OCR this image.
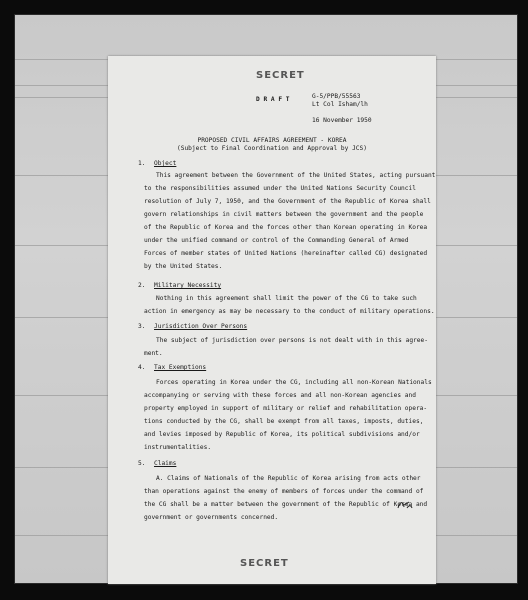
SECRET
D R A F T	G-5/PPB/55563
Lt Col Isham/lh
16 November 1950
PROPOSED CIVIL AFFAIRS AGREEMENT - KOREA
(Subject to Final Coordination and Approval by JCS)
1. Object
This agreement between the Government of the United States, acting pursuant
to the responsibilities assumed under the United Nations Security Council
resolution of July 7, 1950, and the Government of the Republic of Korea shall
govern relationships in civil matters between the government and the people
of the Republic of Korea and the forces other than Korean operating in Korea
under the unified command or control of the Commanding General of Armed
Forces of member states of United Nations (hereinafter called CG) designated
by the United States.
2. Military Necessity
Nothing in this agreement shall limit the power of the CG to take such
action in emergency as may be necessary to the conduct of military operations.
3. Jurisdiction Over Persons
The subject of jurisdiction over persons is not dealt with in this agree-
ment.
4. Tax Exemptions
Forces operating in Korea under the CG, including all non-Korean Nationals
accompanying or serving with these forces and all non-Korean agencies and
property employed in support of military or relief and rehabilitation opera-
tions conducted by the CG, shall be exempt from all taxes, imposts, duties,
and levies imposed by Republic of Korea, its political subdivisions and/or
instrumentalities.
5. Claims
A. Claims of Nationals of the Republic of Korea arising from acts other
than operations against the enemy of members of forces under the command of
the CG shall be a matter between the government of the Republic of Korea and
government or governments concerned.
SECRET
